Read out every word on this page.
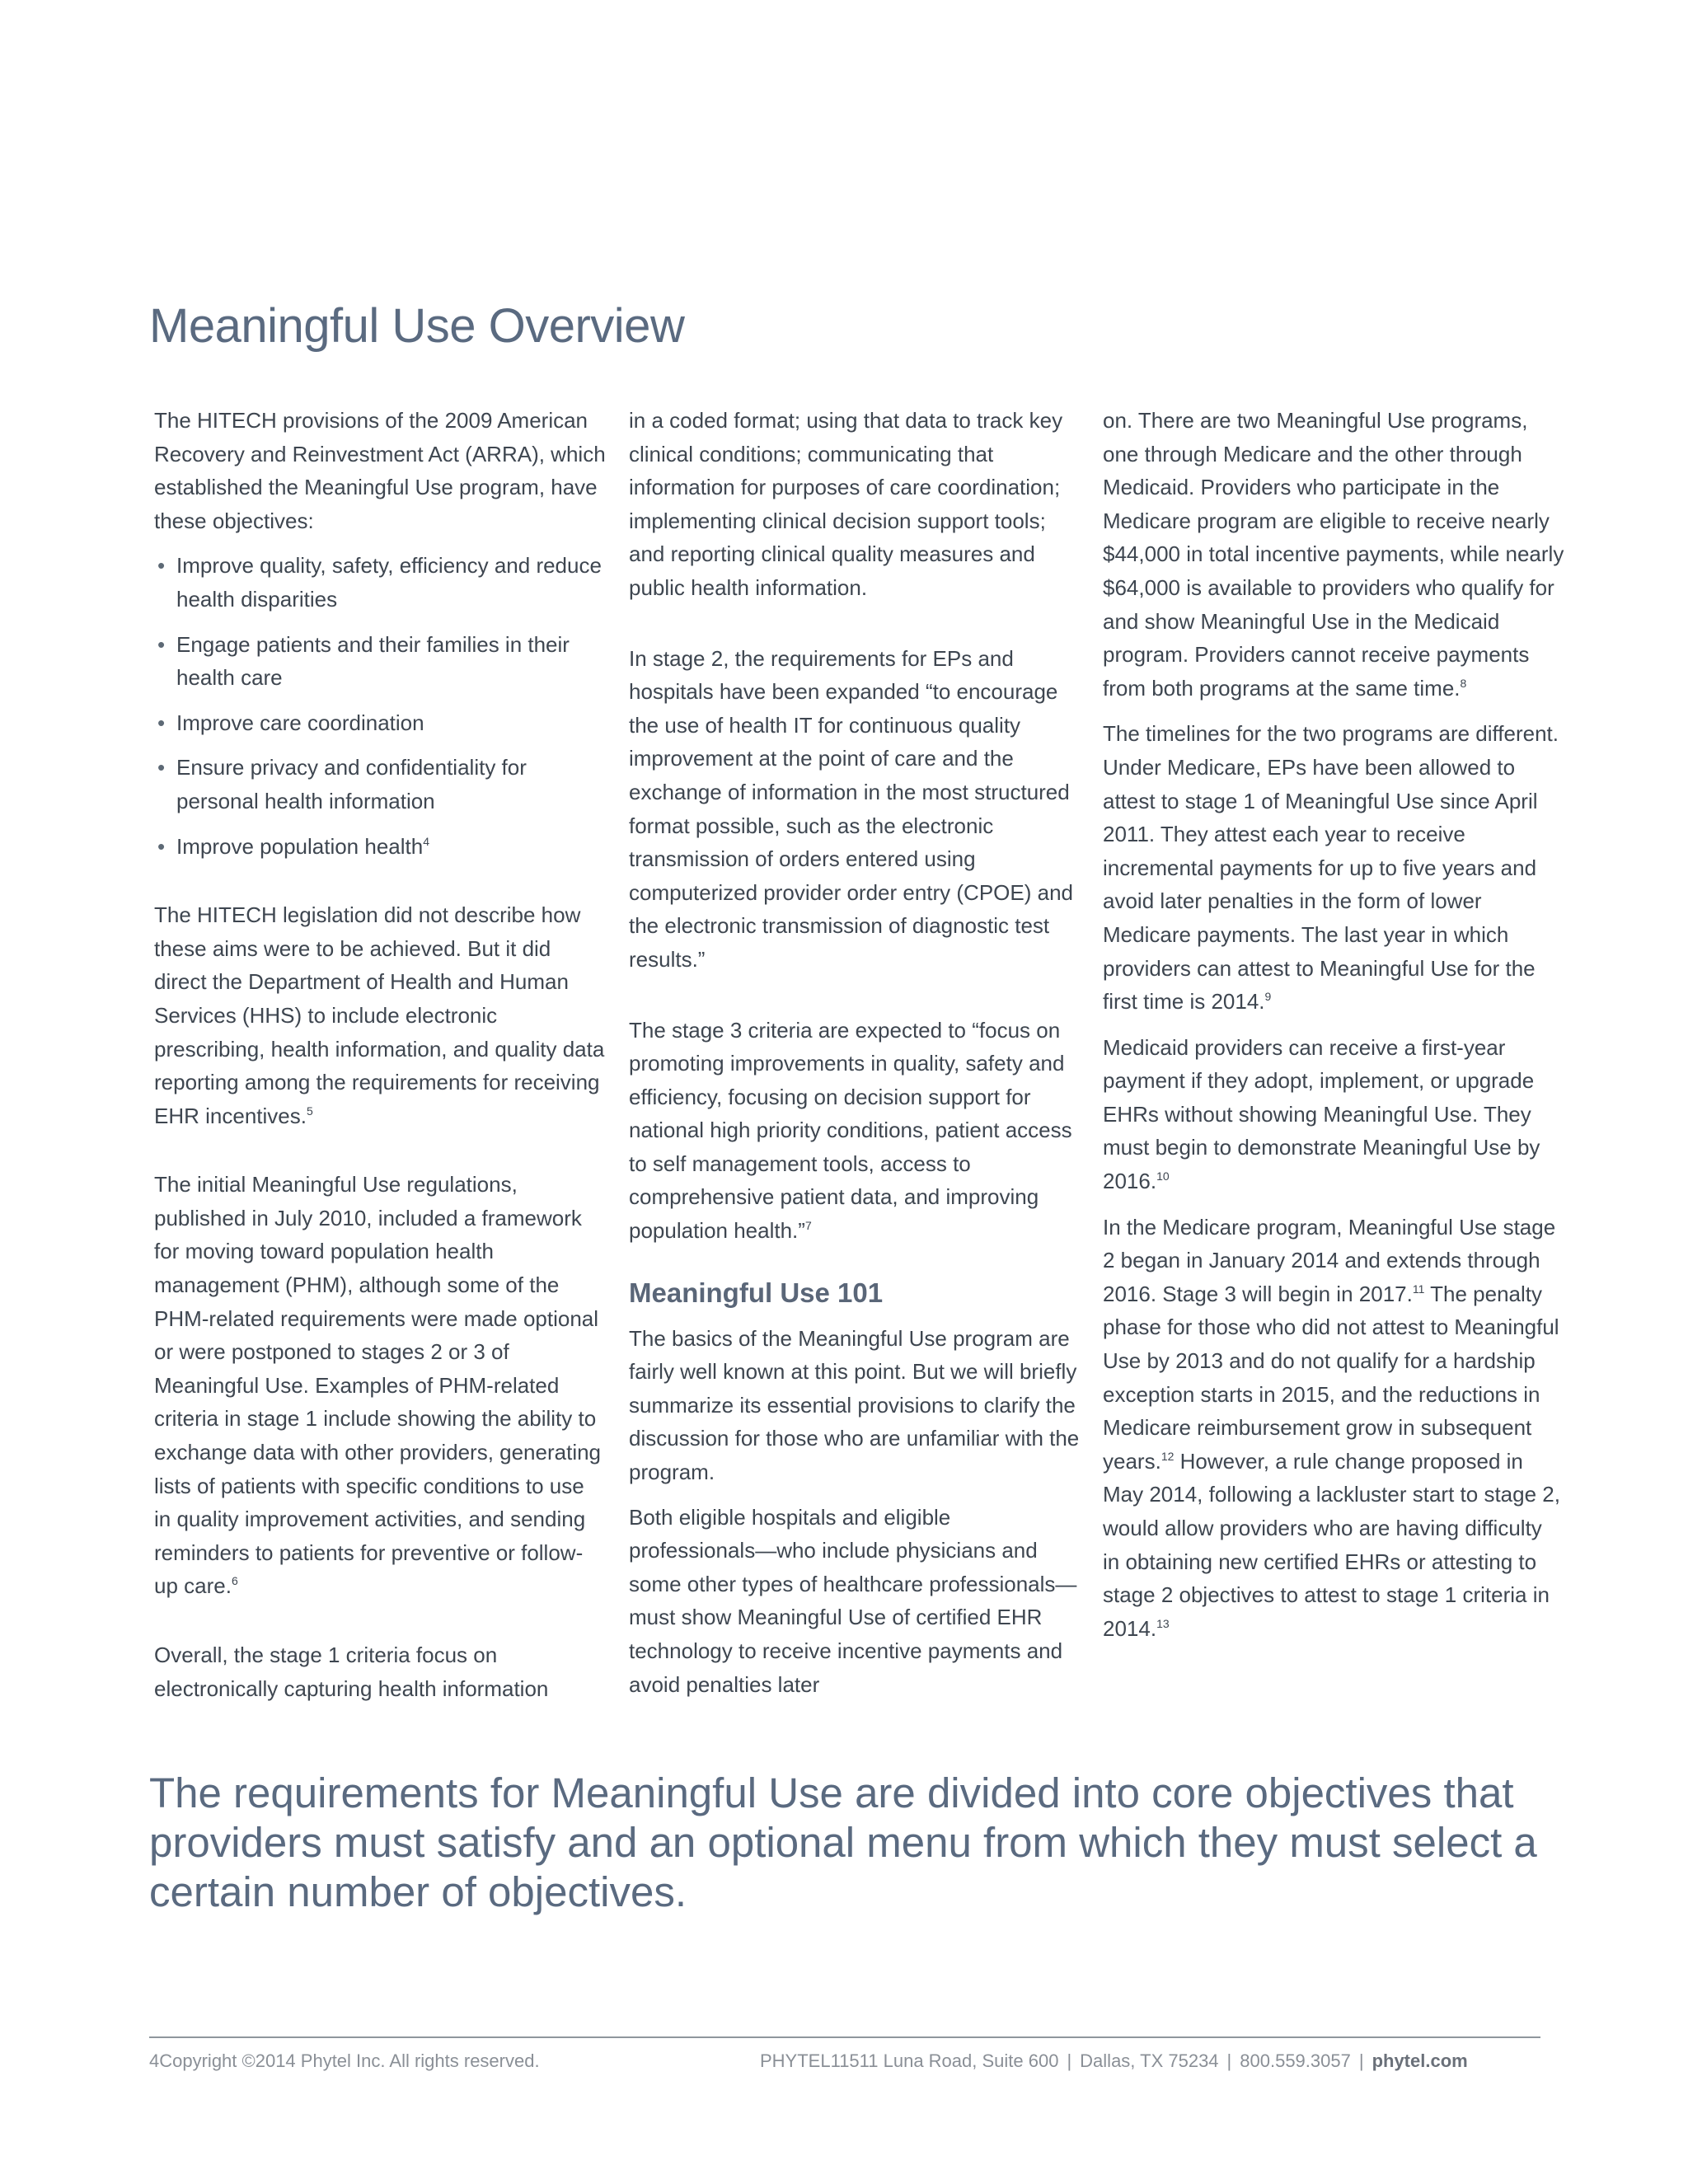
Meaningful Use Overview

The HITECH provisions of the 2009 American Recovery and Reinvestment Act (ARRA), which established the Meaningful Use program, have these objectives:

• Improve quality, safety, efficiency and reduce health disparities
• Engage patients and their families in their health care
• Improve care coordination
• Ensure privacy and confidentiality for personal health information
• Improve population health$^4$

The HITECH legislation did not describe how these aims were to be achieved. But it did direct the Department of Health and Human Services (HHS) to include electronic prescribing, health information, and quality data reporting among the requirements for receiving EHR incentives.$^5$

The initial Meaningful Use regulations, published in July 2010, included a framework for moving toward population health management (PHM), although some of the PHM-related requirements were made optional or were postponed to stages 2 or 3 of Meaningful Use. Examples of PHM-related criteria in stage 1 include showing the ability to exchange data with other providers, generating lists of patients with specific conditions to use in quality improvement activities, and sending reminders to patients for preventive or follow-up care.$^6$

Overall, the stage 1 criteria focus on electronically capturing health information

in a coded format; using that data to track key clinical conditions; communicating that information for purposes of care coordination; implementing clinical decision support tools; and reporting clinical quality measures and public health information.

In stage 2, the requirements for EPs and hospitals have been expanded “to encourage the use of health IT for continuous quality improvement at the point of care and the exchange of information in the most structured format possible, such as the electronic transmission of orders entered using computerized provider order entry (CPOE) and the electronic transmission of diagnostic test results.”

The stage 3 criteria are expected to “focus on promoting improvements in quality, safety and efficiency, focusing on decision support for national high priority conditions, patient access to self management tools, access to comprehensive patient data, and improving population health.”$^7$

Meaningful Use 101

The basics of the Meaningful Use program are fairly well known at this point. But we will briefly summarize its essential provisions to clarify the discussion for those who are unfamiliar with the program.

Both eligible hospitals and eligible professionals—who include physicians and some other types of healthcare professionals—must show Meaningful Use of certified EHR technology to receive incentive payments and avoid penalties later

on. There are two Meaningful Use programs, one through Medicare and the other through Medicaid. Providers who participate in the Medicare program are eligible to receive nearly $44,000 in total incentive payments, while nearly $64,000 is available to providers who qualify for and show Meaningful Use in the Medicaid program. Providers cannot receive payments from both programs at the same time.$^8$

The timelines for the two programs are different. Under Medicare, EPs have been allowed to attest to stage 1 of Meaningful Use since April 2011. They attest each year to receive incremental payments for up to five years and avoid later penalties in the form of lower Medicare payments. The last year in which providers can attest to Meaningful Use for the first time is 2014.$^9$

Medicaid providers can receive a first-year payment if they adopt, implement, or upgrade EHRs without showing Meaningful Use. They must begin to demonstrate Meaningful Use by 2016.10

In the Medicare program, Meaningful Use stage 2 began in January 2014 and extends through 2016. Stage 3 will begin in 2017.11 The penalty phase for those who did not attest to Meaningful Use by 2013 and do not qualify for a hardship exception starts in 2015, and the reductions in Medicare reimbursement grow in subsequent years.$^{12}$ However, a rule change proposed in May 2014, following a lackluster start to stage 2, would allow providers who are having difficulty in obtaining new certified EHRs or attesting to stage 2 objectives to attest to stage 1 criteria in 2014.13

The requirements for Meaningful Use are divided into core objectives that providers must satisfy and an optional menu from which they must select a certain number of objectives.

4Copyright ©2014 Phytel Inc. All rights reserved.	PHYTEL11511 Luna Road, Suite 600 | Dallas, TX 75234 | 800.559.3057 | phytel.com
